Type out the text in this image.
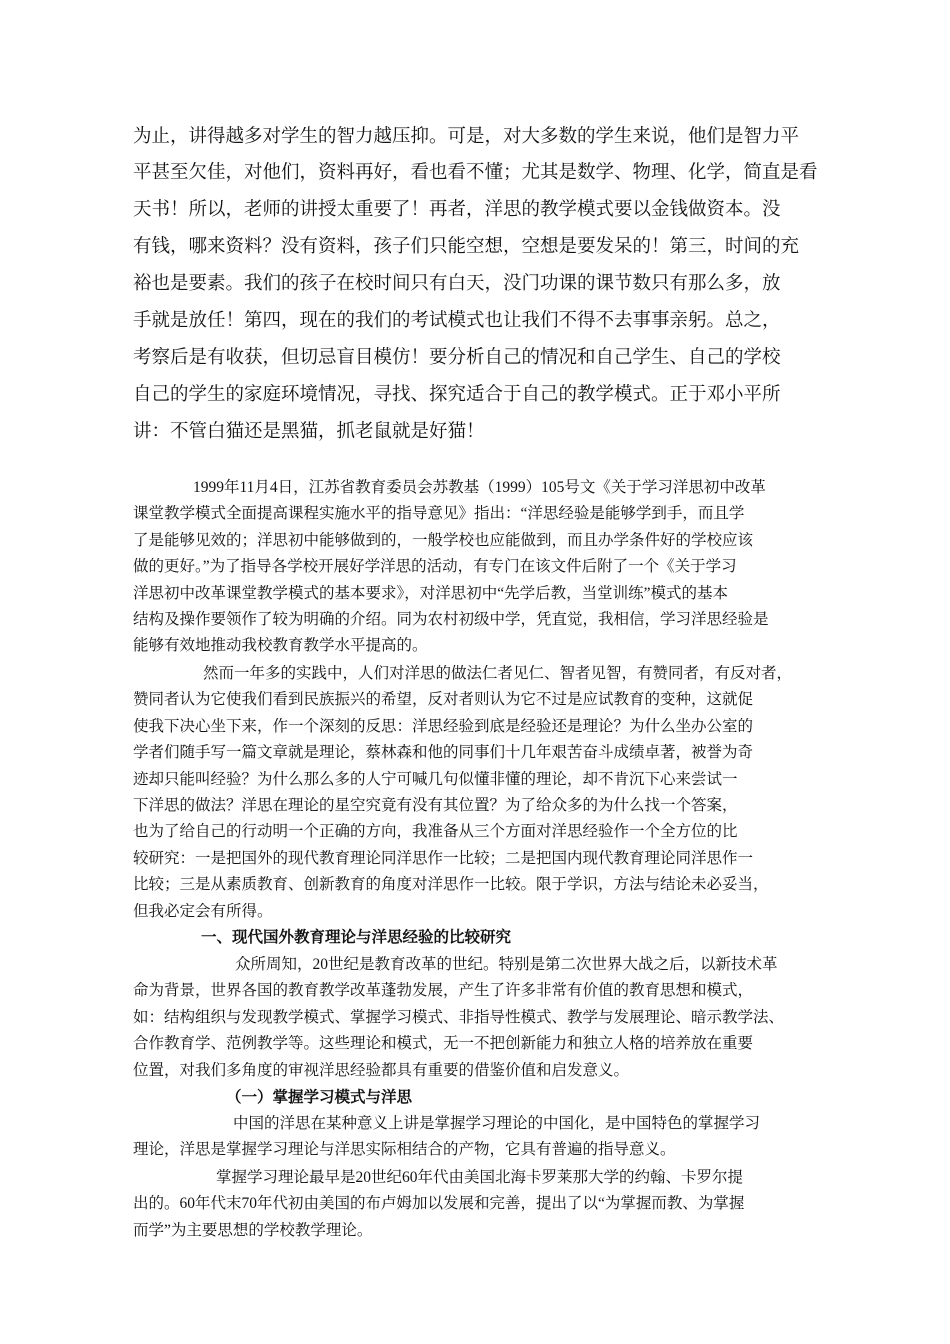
为止，讲得越多对学生的智力越压抑。可是，对大多数的学生来说，他们是智力平
平甚至欠佳，对他们，资料再好，看也看不懂；尤其是数学、物理、化学，简直是看
天书！所以，老师的讲授太重要了！再者，洋思的教学模式要以金钱做资本。没
有钱，哪来资料？没有资料，孩子们只能空想，空想是要发呆的！第三，时间的充
裕也是要素。我们的孩子在校时间只有白天，没门功课的课节数只有那么多，放
手就是放任！第四，现在的我们的考试模式也让我们不得不去事事亲躬。总之，
考察后是有收获，但切忌盲目模仿！要分析自己的情况和自己学生、自己的学校
自己的学生的家庭环境情况，寻找、探究适合于自己的教学模式。正于邓小平所
讲：不管白猫还是黑猫，抓老鼠就是好猫！
1999年11月4日，江苏省教育委员会苏教基（1999）105号文《关于学习洋思初中改革
课堂教学模式全面提高课程实施水平的指导意见》指出：“洋思经验是能够学到手，而且学
了是能够见效的；洋思初中能够做到的，一般学校也应能做到，而且办学条件好的学校应该
做的更好。”为了指导各学校开展好学洋思的活动，有专门在该文件后附了一个《关于学习
洋思初中改革课堂教学模式的基本要求》，对洋思初中“先学后教，当堂训练”模式的基本
结构及操作要领作了较为明确的介绍。同为农村初级中学，凭直觉，我相信，学习洋思经验是
能够有效地推动我校教育教学水平提高的。
然而一年多的实践中，人们对洋思的做法仁者见仁、智者见智，有赞同者，有反对者，
赞同者认为它使我们看到民族振兴的希望，反对者则认为它不过是应试教育的变种，这就促
使我下决心坐下来，作一个深刻的反思：洋思经验到底是经验还是理论？为什么坐办公室的
学者们随手写一篇文章就是理论，蔡林森和他的同事们十几年艰苦奋斗成绩卓著，被誉为奇
迹却只能叫经验？为什么那么多的人宁可喊几句似懂非懂的理论，却不肯沉下心来尝试一
下洋思的做法？洋思在理论的星空究竟有没有其位置？为了给众多的为什么找一个答案，
也为了给自己的行动明一个正确的方向，我准备从三个方面对洋思经验作一个全方位的比
较研究：一是把国外的现代教育理论同洋思作一比较；二是把国内现代教育理论同洋思作一
比较；三是从素质教育、创新教育的角度对洋思作一比较。限于学识，方法与结论未必妥当，
但我必定会有所得。
一、现代国外教育理论与洋思经验的比较研究
众所周知，20世纪是教育改革的世纪。特别是第二次世界大战之后，以新技术革
命为背景，世界各国的教育教学改革蓬勃发展，产生了许多非常有价值的教育思想和模式，
如：结构组织与发现教学模式、掌握学习模式、非指导性模式、教学与发展理论、暗示教学法、
合作教育学、范例教学等。这些理论和模式，无一不把创新能力和独立人格的培养放在重要
位置，对我们多角度的审视洋思经验都具有重要的借鉴价值和启发意义。
（一）掌握学习模式与洋思
中国的洋思在某种意义上讲是掌握学习理论的中国化，是中国特色的掌握学习
理论，洋思是掌握学习理论与洋思实际相结合的产物，它具有普遍的指导意义。
掌握学习理论最早是20世纪60年代由美国北海卡罗莱那大学的约翰、卡罗尔提
出的。60年代末70年代初由美国的布卢姆加以发展和完善，提出了以“为掌握而教、为掌握
而学”为主要思想的学校教学理论。
